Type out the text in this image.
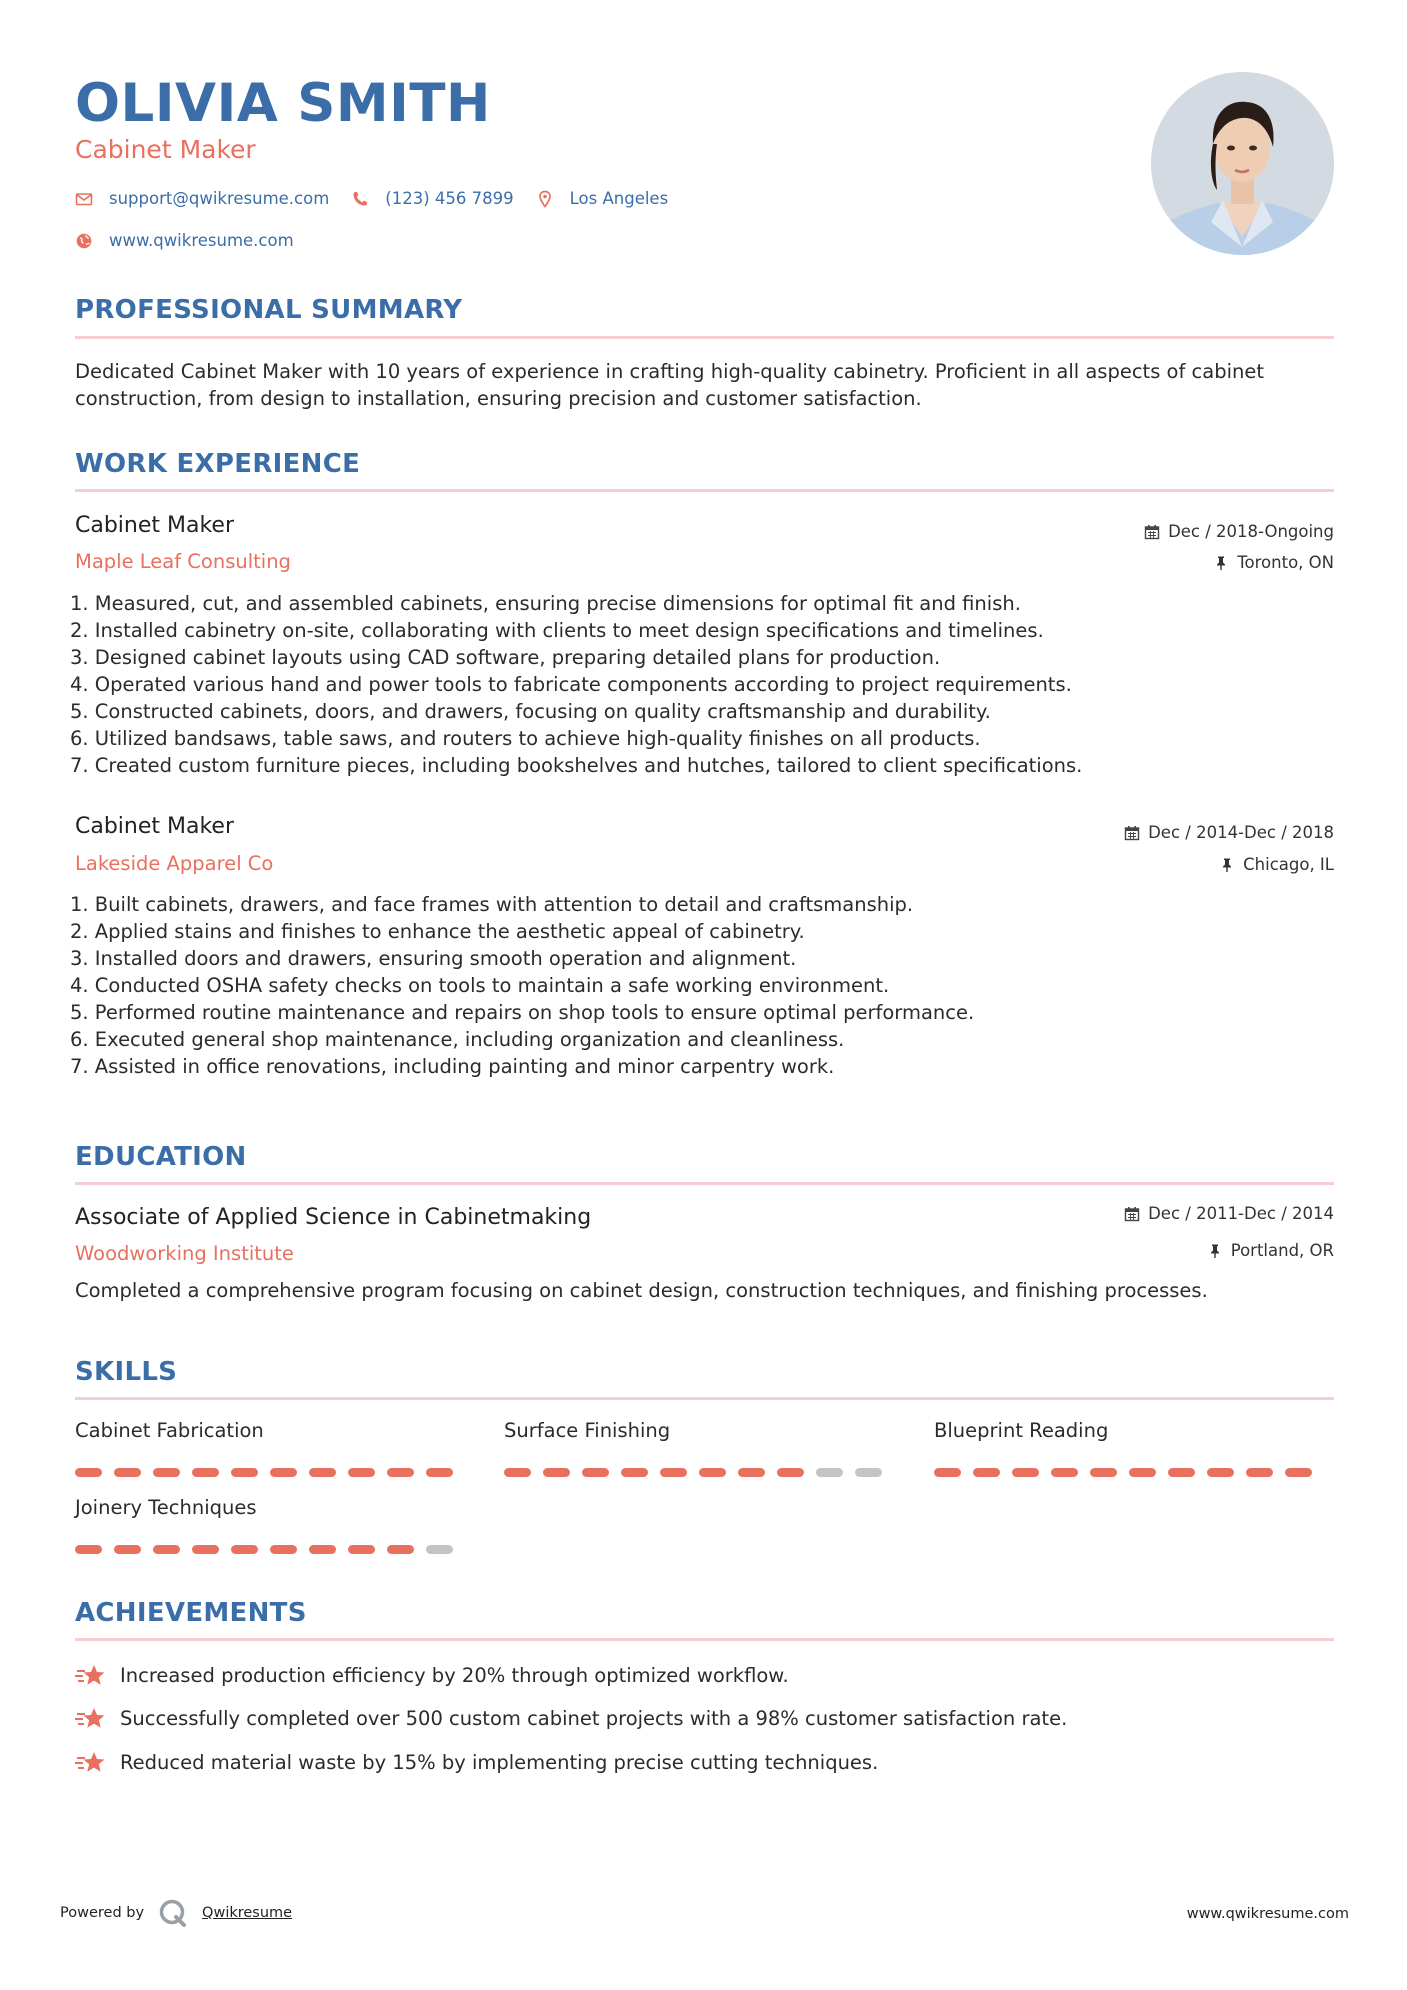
OLIVIA SMITH
Cabinet Maker
support@qwikresume.com	(123) 456 7899	Los Angeles
www.qwikresume.com
PROFESSIONAL SUMMARY
Dedicated Cabinet Maker with 10 years of experience in crafting high-quality cabinetry. Proficient in all aspects of cabinet construction, from design to installation, ensuring precision and customer satisfaction.
WORK EXPERIENCE
Cabinet Maker
Maple Leaf Consulting
Dec / 2018-Ongoing
Toronto, ON
1. Measured, cut, and assembled cabinets, ensuring precise dimensions for optimal fit and finish.
2. Installed cabinetry on-site, collaborating with clients to meet design specifications and timelines.
3. Designed cabinet layouts using CAD software, preparing detailed plans for production.
4. Operated various hand and power tools to fabricate components according to project requirements.
5. Constructed cabinets, doors, and drawers, focusing on quality craftsmanship and durability.
6. Utilized bandsaws, table saws, and routers to achieve high-quality finishes on all products.
7. Created custom furniture pieces, including bookshelves and hutches, tailored to client specifications.
Cabinet Maker
Lakeside Apparel Co
Dec / 2014-Dec / 2018
Chicago, IL
1. Built cabinets, drawers, and face frames with attention to detail and craftsmanship.
2. Applied stains and finishes to enhance the aesthetic appeal of cabinetry.
3. Installed doors and drawers, ensuring smooth operation and alignment.
4. Conducted OSHA safety checks on tools to maintain a safe working environment.
5. Performed routine maintenance and repairs on shop tools to ensure optimal performance.
6. Executed general shop maintenance, including organization and cleanliness.
7. Assisted in office renovations, including painting and minor carpentry work.
EDUCATION
Associate of Applied Science in Cabinetmaking
Woodworking Institute
Dec / 2011-Dec / 2014
Portland, OR
Completed a comprehensive program focusing on cabinet design, construction techniques, and finishing processes.
SKILLS
Cabinet Fabrication	Surface Finishing	Blueprint Reading
Joinery Techniques
ACHIEVEMENTS
Increased production efficiency by 20% through optimized workflow.
Successfully completed over 500 custom cabinet projects with a 98% customer satisfaction rate.
Reduced material waste by 15% by implementing precise cutting techniques.
Powered by	Qwikresume	www.qwikresume.com
